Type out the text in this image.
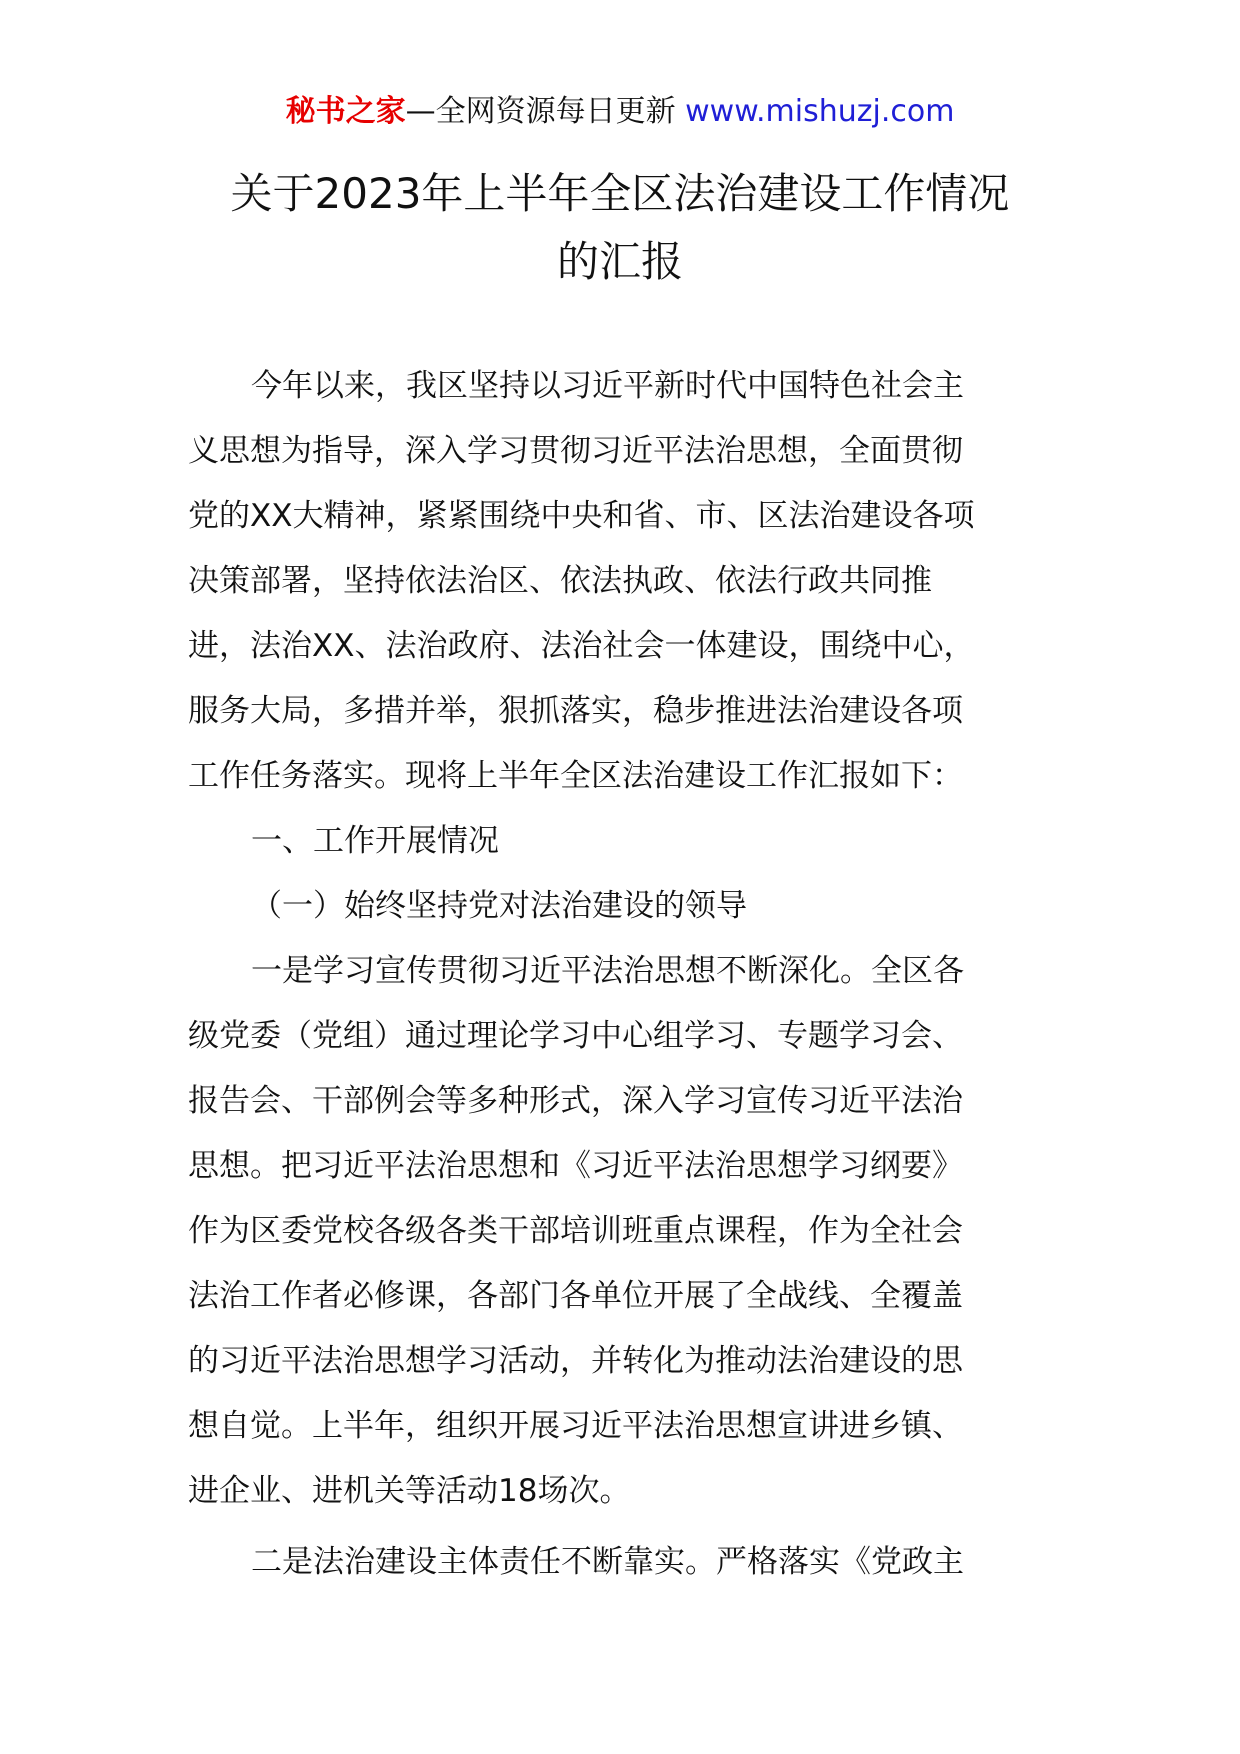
秘书之家—全网资源每日更新 www.mishuzj.com
关于2023年上半年全区法治建设工作情况
的汇报
今年以来，我区坚持以习近平新时代中国特色社会主
义思想为指导，深入学习贯彻习近平法治思想，全面贯彻
党的XX大精神，紧紧围绕中央和省、市、区法治建设各项
决策部署，坚持依法治区、依法执政、依法行政共同推
进，法治XX、法治政府、法治社会一体建设，围绕中心，
服务大局，多措并举，狠抓落实，稳步推进法治建设各项
工作任务落实。现将上半年全区法治建设工作汇报如下：
一、工作开展情况
（一）始终坚持党对法治建设的领导
一是学习宣传贯彻习近平法治思想不断深化。全区各
级党委（党组）通过理论学习中心组学习、专题学习会、
报告会、干部例会等多种形式，深入学习宣传习近平法治
思想。把习近平法治思想和《习近平法治思想学习纲要》
作为区委党校各级各类干部培训班重点课程，作为全社会
法治工作者必修课，各部门各单位开展了全战线、全覆盖
的习近平法治思想学习活动，并转化为推动法治建设的思
想自觉。上半年，组织开展习近平法治思想宣讲进乡镇、
进企业、进机关等活动18场次。
二是法治建设主体责任不断靠实。严格落实《党政主
